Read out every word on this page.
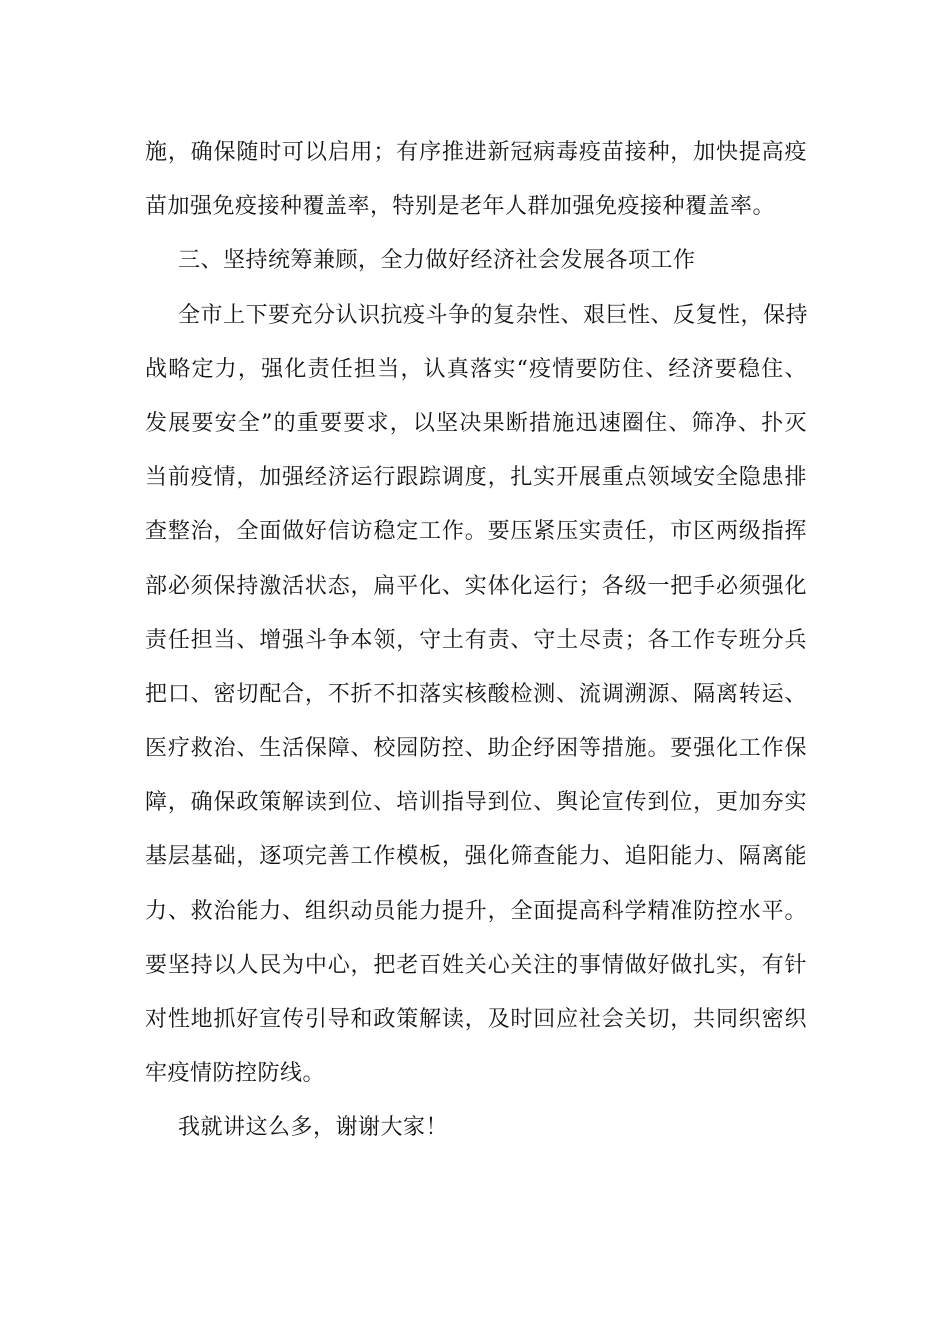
施，确保随时可以启用；有序推进新冠病毒疫苗接种，加快提高疫
苗加强免疫接种覆盖率，特别是老年人群加强免疫接种覆盖率。
三、坚持统筹兼顾，全力做好经济社会发展各项工作
全市上下要充分认识抗疫斗争的复杂性、艰巨性、反复性，保持
战略定力，强化责任担当，认真落实“疫情要防住、经济要稳住、
发展要安全”的重要要求，以坚决果断措施迅速圈住、筛净、扑灭
当前疫情，加强经济运行跟踪调度，扎实开展重点领域安全隐患排
查整治，全面做好信访稳定工作。要压紧压实责任，市区两级指挥
部必须保持激活状态，扁平化、实体化运行；各级一把手必须强化
责任担当、增强斗争本领，守土有责、守土尽责；各工作专班分兵
把口、密切配合，不折不扣落实核酸检测、流调溯源、隔离转运、
医疗救治、生活保障、校园防控、助企纾困等措施。要强化工作保
障，确保政策解读到位、培训指导到位、舆论宣传到位，更加夯实
基层基础，逐项完善工作模板，强化筛查能力、追阳能力、隔离能
力、救治能力、组织动员能力提升，全面提高科学精准防控水平。
要坚持以人民为中心，把老百姓关心关注的事情做好做扎实，有针
对性地抓好宣传引导和政策解读，及时回应社会关切，共同织密织
牢疫情防控防线。
我就讲这么多，谢谢大家！
